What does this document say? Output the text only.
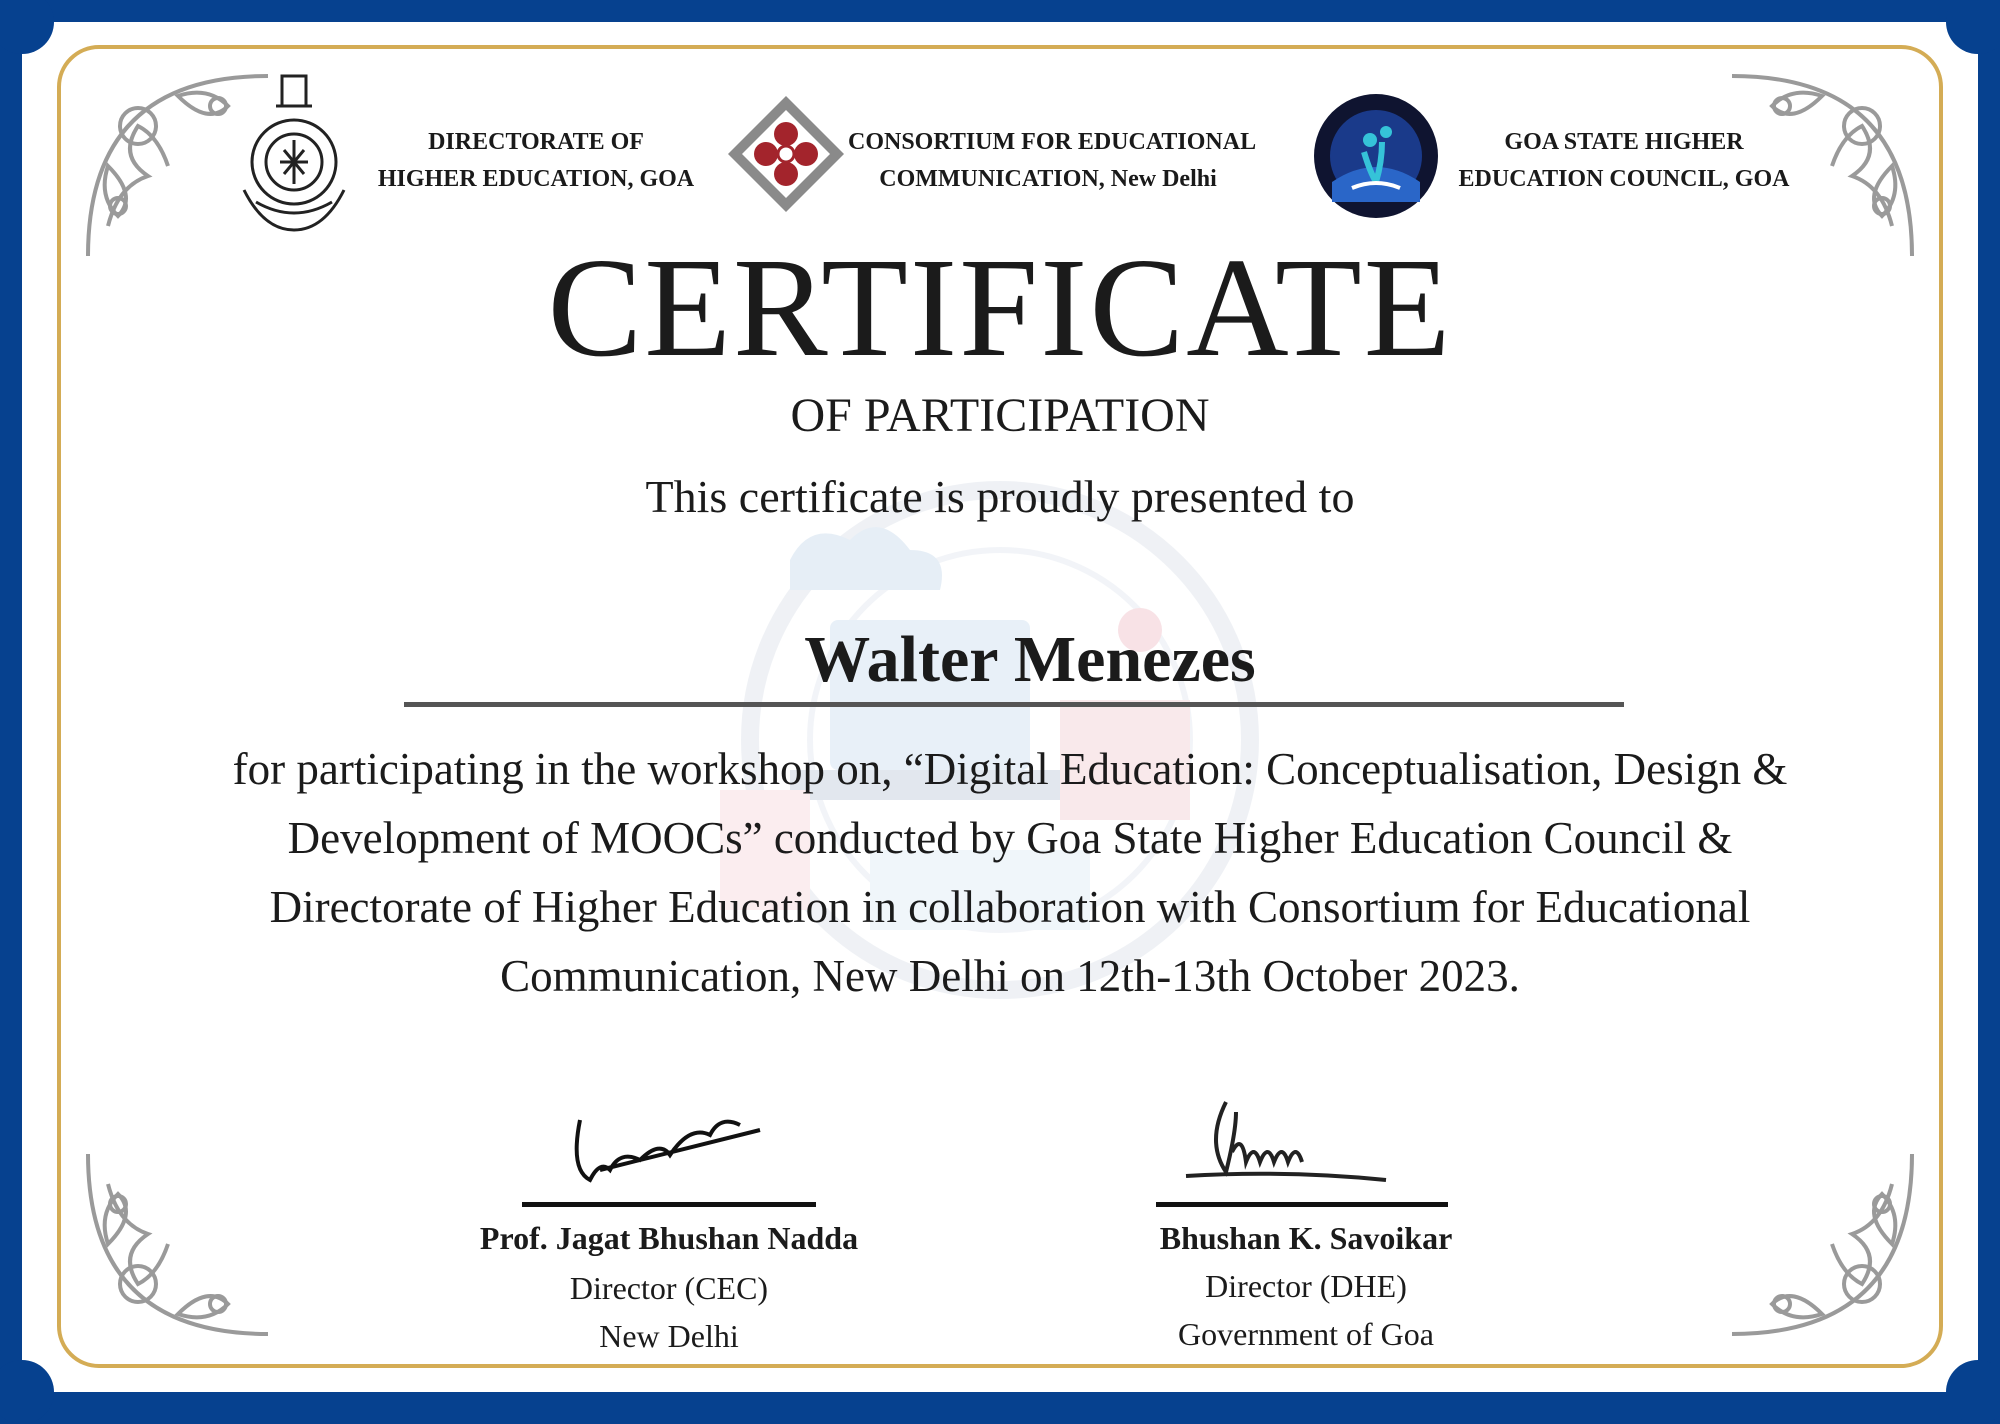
DIRECTORATE OF
HIGHER EDUCATION, GOA
CONSORTIUM FOR EDUCATIONAL
COMMUNICATION, New Delhi
GOA STATE HIGHER
EDUCATION COUNCIL, GOA
CERTIFICATE
OF PARTICIPATION
This certificate is proudly presented to
Walter Menezes
for participating in the workshop on, “Digital Education: Conceptualisation, Design & Development of MOOCs” conducted by Goa State Higher Education Council & Directorate of Higher Education in collaboration with Consortium for Educational Communication, New Delhi on 12th-13th October 2023.
Prof. Jagat Bhushan Nadda
Director (CEC)
New Delhi
Bhushan K. Savoikar
Director (DHE)
Government of Goa
